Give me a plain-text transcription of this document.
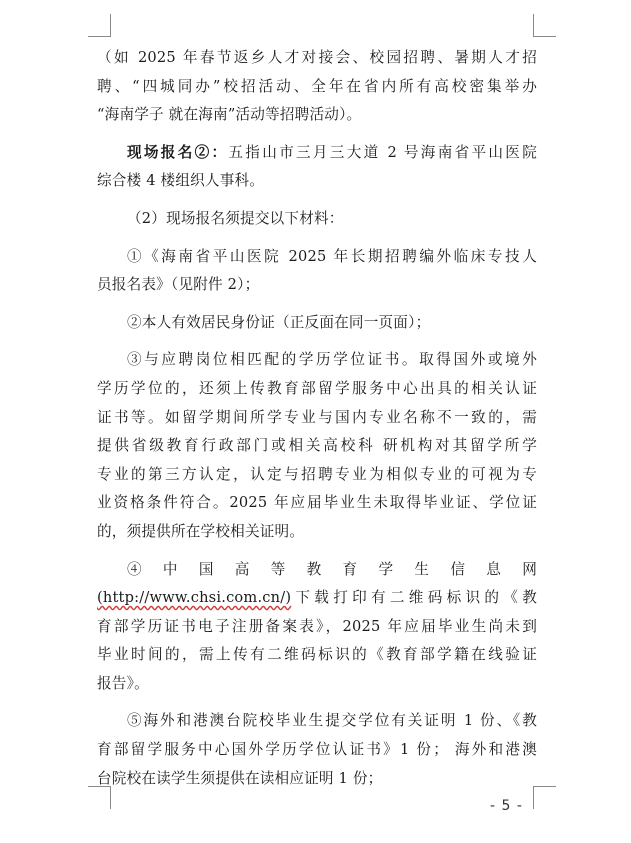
（如 2025 年春节返乡人才对接会、校园招聘、暑期人才招
聘、“四城同办”校招活动、全年在省内所有高校密集举办
“海南学子 就在海南”活动等招聘活动）。
现场报名②：五指山市三月三大道 2 号海南省平山医院
综合楼 4 楼组织人事科。
（2）现场报名须提交以下材料：
①《海南省平山医院 2025 年长期招聘编外临床专技人
员报名表》（见附件 2）；
②本人有效居民身份证（正反面在同一页面）；
③与应聘岗位相匹配的学历学位证书。取得国外或境外
学历学位的，还须上传教育部留学服务中心出具的相关认证
证书等。如留学期间所学专业与国内专业名称不一致的，需
提供省级教育行政部门或相关高校科 研机构对其留学所学
专业的第三方认定，认定与招聘专业为相似专业的可视为专
业资格条件符合。2025 年应届毕业生未取得毕业证、学位证
的，须提供所在学校相关证明。
④ 中 国 高 等 教 育 学 生 信 息 网
(http://www.chsi.com.cn/)下载打印有二维码标识的《教
育部学历证书电子注册备案表》，2025 年应届毕业生尚未到
毕业时间的，需上传有二维码标识的《教育部学籍在线验证
报告》。
⑤海外和港澳台院校毕业生提交学位有关证明 1 份、《教
育部留学服务中心国外学历学位认证书》1 份； 海外和港澳
台院校在读学生须提供在读相应证明 1 份；
- 5 -
